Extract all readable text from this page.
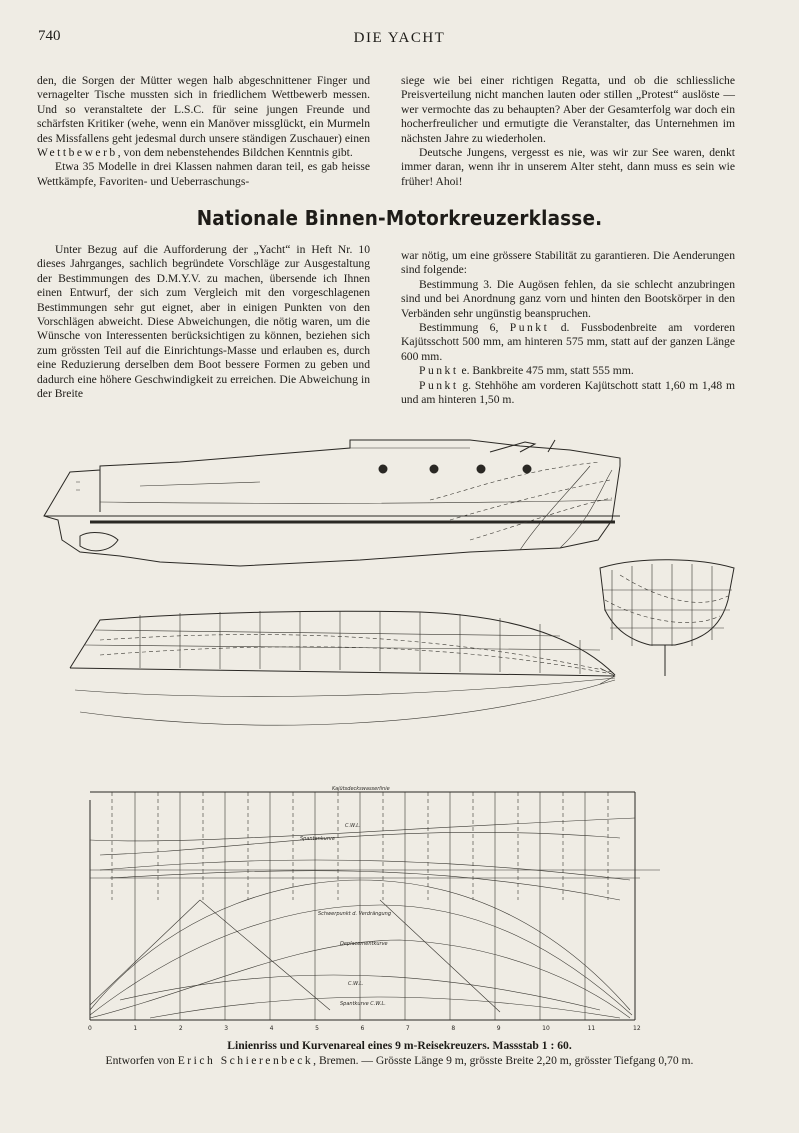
740	DIE YACHT

den, die Sorgen der Mütter wegen halb abgeschnittener Finger und vernagelter Tische mussten sich in friedlichem Wettbewerb messen. Und so veranstaltete der L.S.C. für seine jungen Freunde und schärfsten Kritiker (wehe, wenn ein Manöver missglückt, ein Murmeln des Missfallens geht jedesmal durch unsere ständigen Zuschauer) einen Wettbewerb, von dem nebenstehendes Bildchen Kenntnis gibt.

Etwa 35 Modelle in drei Klassen nahmen daran teil, es gab heisse Wettkämpfe, Favoriten- und Ueberraschungs-

siege wie bei einer richtigen Regatta, und ob die schliessliche Preisverteilung nicht manchen lauten oder stillen „Protest“ auslöste — wer vermochte das zu behaupten? Aber der Gesamterfolg war doch ein hocherfreulicher und ermutigte die Veranstalter, das Unternehmen im nächsten Jahre zu wiederholen.

Deutsche Jungens, vergesst es nie, was wir zur See waren, denkt immer daran, wenn ihr in unserem Alter steht, dann muss es sein wie früher! Ahoi!

Nationale Binnen-Motorkreuzerklasse.

Unter Bezug auf die Aufforderung der „Yacht“ in Heft Nr. 10 dieses Jahrganges, sachlich begründete Vorschläge zur Ausgestaltung der Bestimmungen des D.M.Y.V. zu machen, übersende ich Ihnen einen Entwurf, der sich zum Vergleich mit den vorgeschlagenen Bestimmungen sehr gut eignet, aber in einigen Punkten von den Vorschlägen abweicht. Diese Abweichungen, die nötig waren, um die Wünsche von Interessenten berücksichtigen zu können, beziehen sich zum grössten Teil auf die Einrichtungs-Masse und erlauben es, durch eine Reduzierung derselben dem Boot bessere Formen zu geben und dadurch eine höhere Geschwindigkeit zu erreichen. Die Abweichung in der Breite

war nötig, um eine grössere Stabilität zu garantieren. Die Aenderungen sind folgende:

Bestimmung 3. Die Augösen fehlen, da sie schlecht anzubringen sind und bei Anordnung ganz vorn und hinten den Bootskörper in den Verbänden sehr ungünstig beanspruchen.

Bestimmung 6, Punkt d. Fussbodenbreite am vorderen Kajütsschott 500 mm, am hinteren 575 mm, statt auf der ganzen Länge 600 mm.

Punkt e. Bankbreite 475 mm, statt 555 mm.

Punkt g. Stehhöhe am vorderen Kajütschott statt 1,60 m 1,48 m und am hinteren 1,50 m.

Kajütsdeckswasserlinie
C.W.L.
Spantenkurve
Schwerpunkt d. Verdrängung
Deplacementkurve
C.W.L.
Spantkurve C.W.L.
0	1	2	3	4	5	6	7	8	9	10	11	12
Linienriss und Kurvenareal eines 9 m-Reisekreuzers. Massstab 1 : 60.
Entworfen von Erich Schierenbeck, Bremen. — Grösste Länge 9 m, grösste Breite 2,20 m, grösster Tiefgang 0,70 m.
